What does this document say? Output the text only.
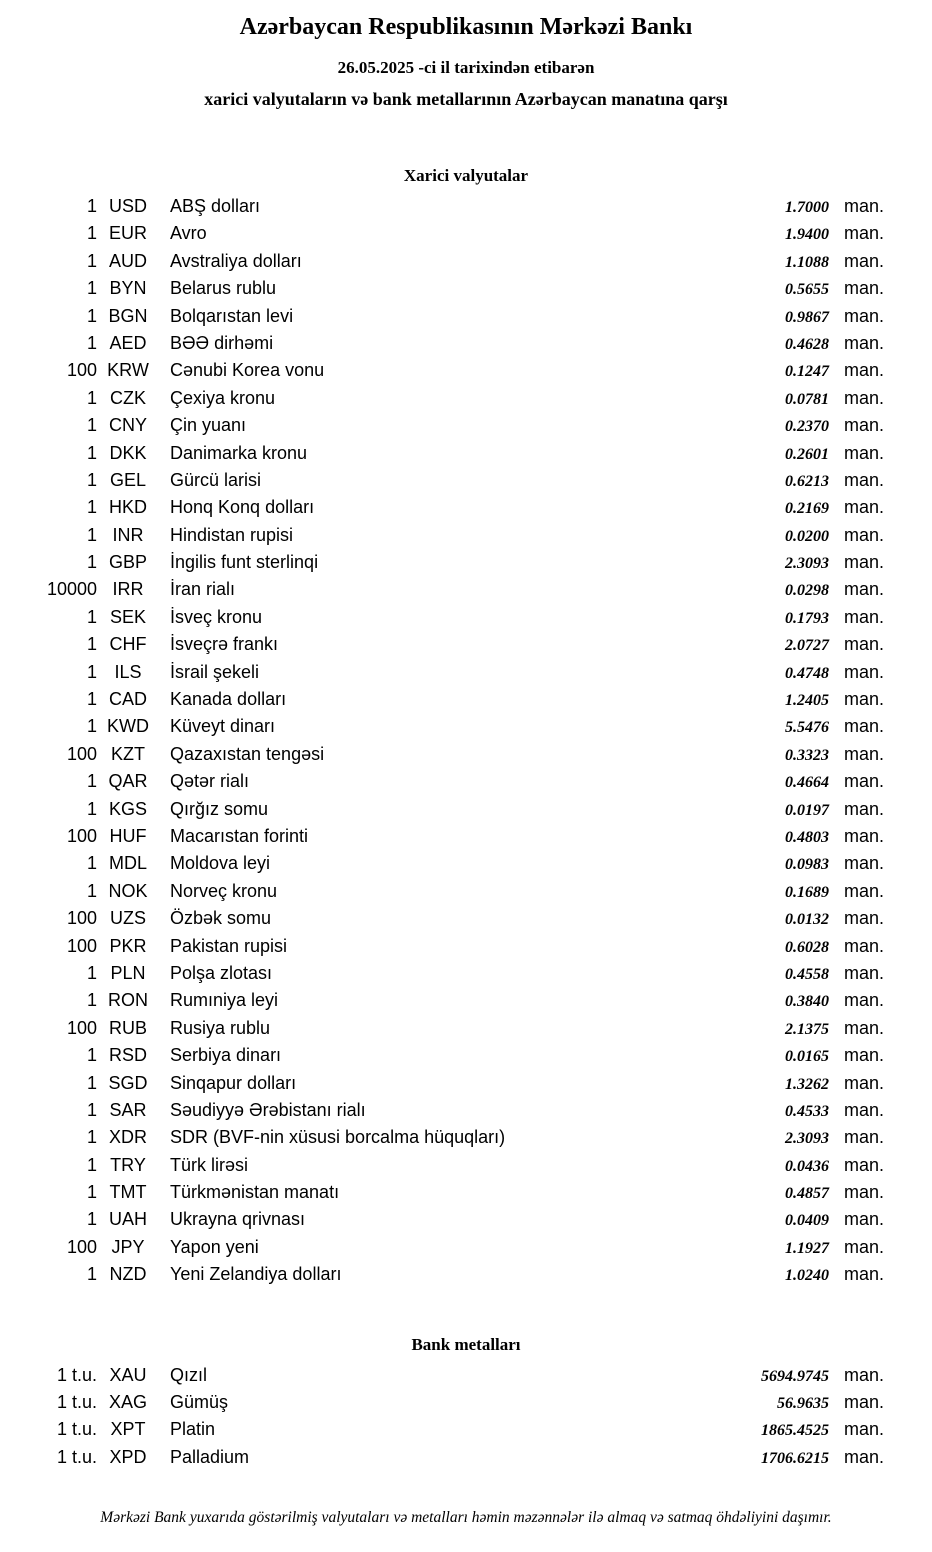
Azərbaycan Respublikasının Mərkəzi Bankı
26.05.2025 -ci il tarixindən etibarən
xarici valyutaların və bank metallarının Azərbaycan manatına qarşı
Xarici valyutalar
1 USD	ABŞ dolları	1.7000 man.
1 EUR	Avro	1.9400 man.
1 AUD	Avstraliya dolları	1.1088 man.
1 BYN	Belarus rublu	0.5655 man.
1 BGN	Bolqarıstan levi	0.9867 man.
1 AED	BƏƏ dirhəmi	0.4628 man.
100 KRW	Cənubi Korea vonu	0.1247 man.
1 CZK	Çexiya kronu	0.0781 man.
1 CNY	Çin yuanı	0.2370 man.
1 DKK	Danimarka kronu	0.2601 man.
1 GEL	Gürcü larisi	0.6213 man.
1 HKD	Honq Konq dolları	0.2169 man.
1 INR	Hindistan rupisi	0.0200 man.
1 GBP	İngilis funt sterlinqi	2.3093 man.
10000 IRR	İran rialı	0.0298 man.
1 SEK	İsveç kronu	0.1793 man.
1 CHF	İsveçrə frankı	2.0727 man.
1 ILS	İsrail şekeli	0.4748 man.
1 CAD	Kanada dolları	1.2405 man.
1 KWD	Küveyt dinarı	5.5476 man.
100 KZT	Qazaxıstan tengəsi	0.3323 man.
1 QAR	Qətər rialı	0.4664 man.
1 KGS	Qırğız somu	0.0197 man.
100 HUF	Macarıstan forinti	0.4803 man.
1 MDL	Moldova leyi	0.0983 man.
1 NOK	Norveç kronu	0.1689 man.
100 UZS	Özbək somu	0.0132 man.
100 PKR	Pakistan rupisi	0.6028 man.
1 PLN	Polşa zlotası	0.4558 man.
1 RON	Rumıniya leyi	0.3840 man.
100 RUB	Rusiya rublu	2.1375 man.
1 RSD	Serbiya dinarı	0.0165 man.
1 SGD	Sinqapur dolları	1.3262 man.
1 SAR	Səudiyyə Ərəbistanı rialı	0.4533 man.
1 XDR	SDR (BVF-nin xüsusi borcalma hüquqları)	2.3093 man.
1 TRY	Türk lirəsi	0.0436 man.
1 TMT	Türkmənistan manatı	0.4857 man.
1 UAH	Ukrayna qrivnası	0.0409 man.
100 JPY	Yapon yeni	1.1927 man.
1 NZD	Yeni Zelandiya dolları	1.0240 man.
Bank metalları
1 t.u. XAU	Qızıl	5694.9745 man.
1 t.u. XAG	Gümüş	56.9635 man.
1 t.u. XPT	Platin	1865.4525 man.
1 t.u. XPD	Palladium	1706.6215 man.
Mərkəzi Bank yuxarıda göstərilmiş valyutaları və metalları həmin məzənnələr ilə almaq və satmaq öhdəliyini daşımır.
